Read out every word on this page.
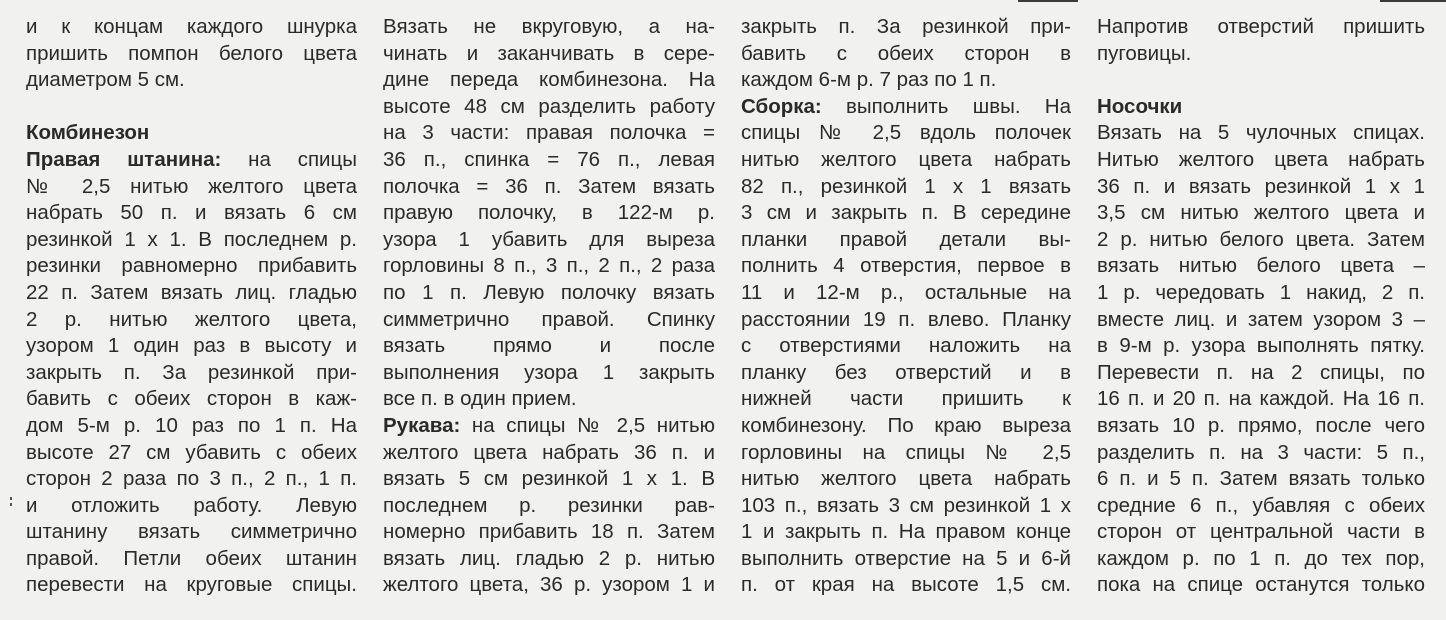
и к концам каждого шнурка
пришить помпон белого цвета
диаметром 5 см.
Комбинезон
Правая штанина: на спицы
№ 2,5 нитью желтого цвета
набрать 50 п. и вязать 6 см
резинкой 1 х 1. В последнем р.
резинки равномерно прибавить
22 п. Затем вязать лиц. гладью
2 р. нитью желтого цвета,
узором 1 один раз в высоту и
закрыть п. За резинкой при-
бавить с обеих сторон в каж-
дом 5-м р. 10 раз по 1 п. На
высоте 27 см убавить с обеих
сторон 2 раза по 3 п., 2 п., 1 п.
и отложить работу. Левую
штанину вязать симметрично
правой. Петли обеих штанин
перевести на круговые спицы.
Вязать не вкруговую, а на-
чинать и заканчивать в сере-
дине переда комбинезона. На
высоте 48 см разделить работу
на 3 части: правая полочка =
36 п., спинка = 76 п., левая
полочка = 36 п. Затем вязать
правую полочку, в 122-м р.
узора 1 убавить для выреза
горловины 8 п., 3 п., 2 п., 2 раза
по 1 п. Левую полочку вязать
симметрично правой. Спинку
вязать прямо и после
выполнения узора 1 закрыть
все п. в один прием.
Рукава: на спицы № 2,5 нитью
желтого цвета набрать 36 п. и
вязать 5 см резинкой 1 х 1. В
последнем р. резинки рав-
номерно прибавить 18 п. Затем
вязать лиц. гладью 2 р. нитью
желтого цвета, 36 р. узором 1 и
закрыть п. За резинкой при-
бавить с обеих сторон в
каждом 6-м р. 7 раз по 1 п.
Сборка: выполнить швы. На
спицы № 2,5 вдоль полочек
нитью желтого цвета набрать
82 п., резинкой 1 х 1 вязать
3 см и закрыть п. В середине
планки правой детали вы-
полнить 4 отверстия, первое в
11 и 12-м р., остальные на
расстоянии 19 п. влево. Планку
с отверстиями наложить на
планку без отверстий и в
нижней части пришить к
комбинезону. По краю выреза
горловины на спицы № 2,5
нитью желтого цвета набрать
103 п., вязать 3 см резинкой 1 х
1 и закрыть п. На правом конце
выполнить отверстие на 5 и 6-й
п. от края на высоте 1,5 см.
Напротив отверстий пришить
пуговицы.
Носочки
Вязать на 5 чулочных спицах.
Нитью желтого цвета набрать
36 п. и вязать резинкой 1 х 1
3,5 см нитью желтого цвета и
2 р. нитью белого цвета. Затем
вязать нитью белого цвета –
1 р. чередовать 1 накид, 2 п.
вместе лиц. и затем узором 3 –
в 9-м р. узора выполнять пятку.
Перевести п. на 2 спицы, по
16 п. и 20 п. на каждой. На 16 п.
вязать 10 р. прямо, после чего
разделить п. на 3 части: 5 п.,
6 п. и 5 п. Затем вязать только
средние 6 п., убавляя с обеих
сторон от центральной части в
каждом р. по 1 п. до тех пор,
пока на спице останутся только
